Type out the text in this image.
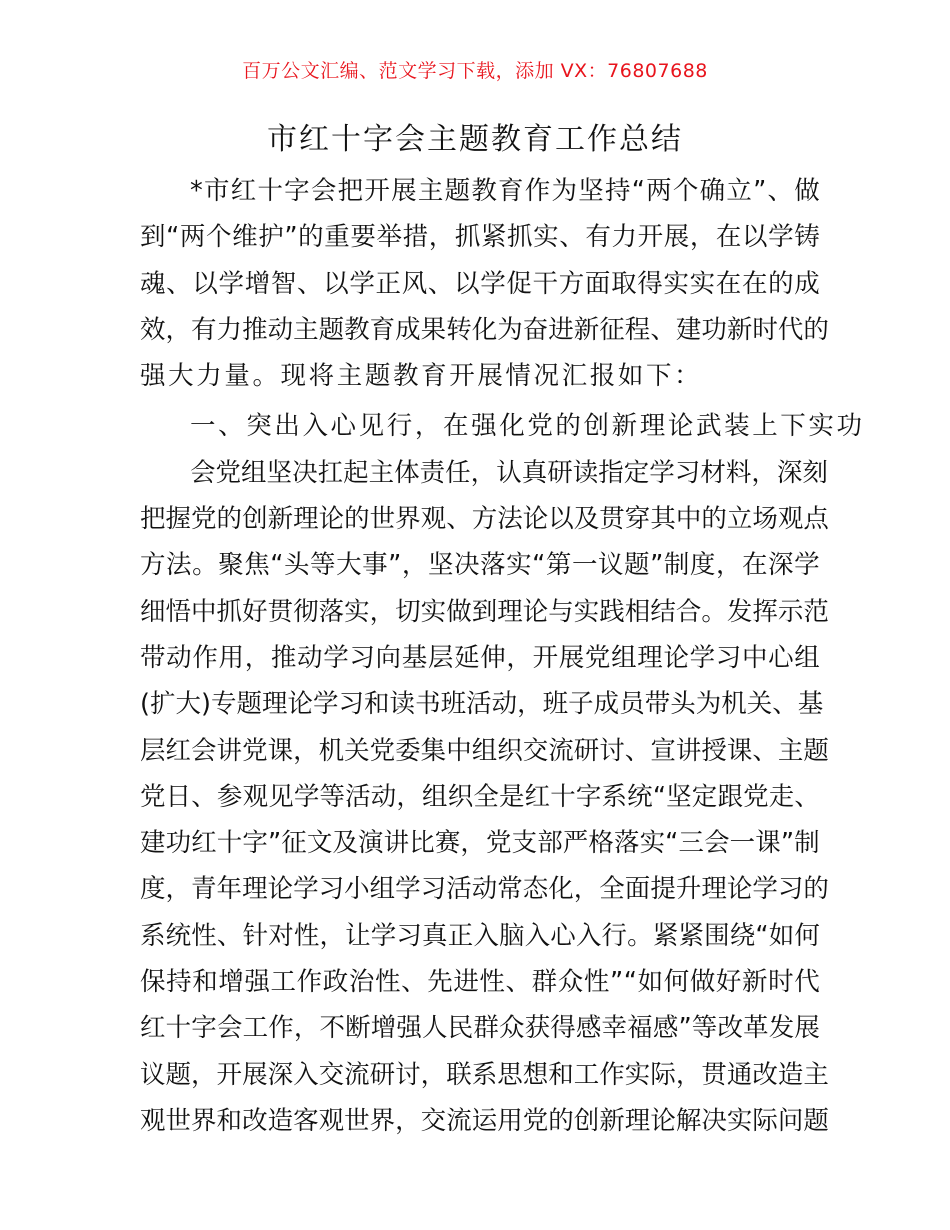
百万公文汇编、范文学习下载，添加 VX：76807688
市红十字会主题教育工作总结
* 市 红 十 字 会 把 开 展 主 题 教 育 作 为 坚 持 “ 两 个 确 立 ” 、 做
到 “ 两 个 维 护 ” 的 重 要 举 措 ， 抓 紧 抓 实 、 有 力 开 展 ， 在 以 学 铸
魂 、 以 学 增 智 、 以 学 正 风 、 以 学 促 干 方 面 取 得 实 实 在 在 的 成
效 ， 有 力 推 动 主 题 教 育 成 果 转 化 为 奋 进 新 征 程 、 建 功 新 时 代 的
强 大 力 量 。 现 将 主 题 教 育 开 展 情 况 汇 报 如 下 ：
一 、 突 出 入 心 见 行 ， 在 强 化 党 的 创 新 理 论 武 装 上 下 实 功
会 党 组 坚 决 扛 起 主 体 责 任 ， 认 真 研 读 指 定 学 习 材 料 ， 深 刻
把 握 党 的 创 新 理 论 的 世 界 观 、 方 法 论 以 及 贯 穿 其 中 的 立 场 观 点
方 法 。 聚 焦 “ 头 等 大 事 ” ， 坚 决 落 实 “ 第 一 议 题 ” 制 度 ， 在 深 学
细 悟 中 抓 好 贯 彻 落 实 ， 切 实 做 到 理 论 与 实 践 相 结 合 。 发 挥 示 范
带 动 作 用 ， 推 动 学 习 向 基 层 延 伸 ， 开 展 党 组 理 论 学 习 中 心 组
( 扩 大 ) 专 题 理 论 学 习 和 读 书 班 活 动 ， 班 子 成 员 带 头 为 机 关 、 基
层 红 会 讲 党 课 ， 机 关 党 委 集 中 组 织 交 流 研 讨 、 宣 讲 授 课 、 主 题
党 日 、 参 观 见 学 等 活 动 ， 组 织 全 是 红 十 字 系 统 “ 坚 定 跟 党 走 、
建 功 红 十 字 ” 征 文 及 演 讲 比 赛 ， 党 支 部 严 格 落 实 “ 三 会 一 课 ” 制
度 ， 青 年 理 论 学 习 小 组 学 习 活 动 常 态 化 ， 全 面 提 升 理 论 学 习 的
系 统 性 、 针 对 性 ， 让 学 习 真 正 入 脑 入 心 入 行 。 紧 紧 围 绕 “ 如 何
保 持 和 增 强 工 作 政 治 性 、 先 进 性 、 群 众 性 ” “ 如 何 做 好 新 时 代
红 十 字 会 工 作 ， 不 断 增 强 人 民 群 众 获 得 感 幸 福 感 ” 等 改 革 发 展
议 题 ， 开 展 深 入 交 流 研 讨 ， 联 系 思 想 和 工 作 实 际 ， 贯 通 改 造 主
观 世 界 和 改 造 客 观 世 界 ， 交 流 运 用 党 的 创 新 理 论 解 决 实 际 问 题
